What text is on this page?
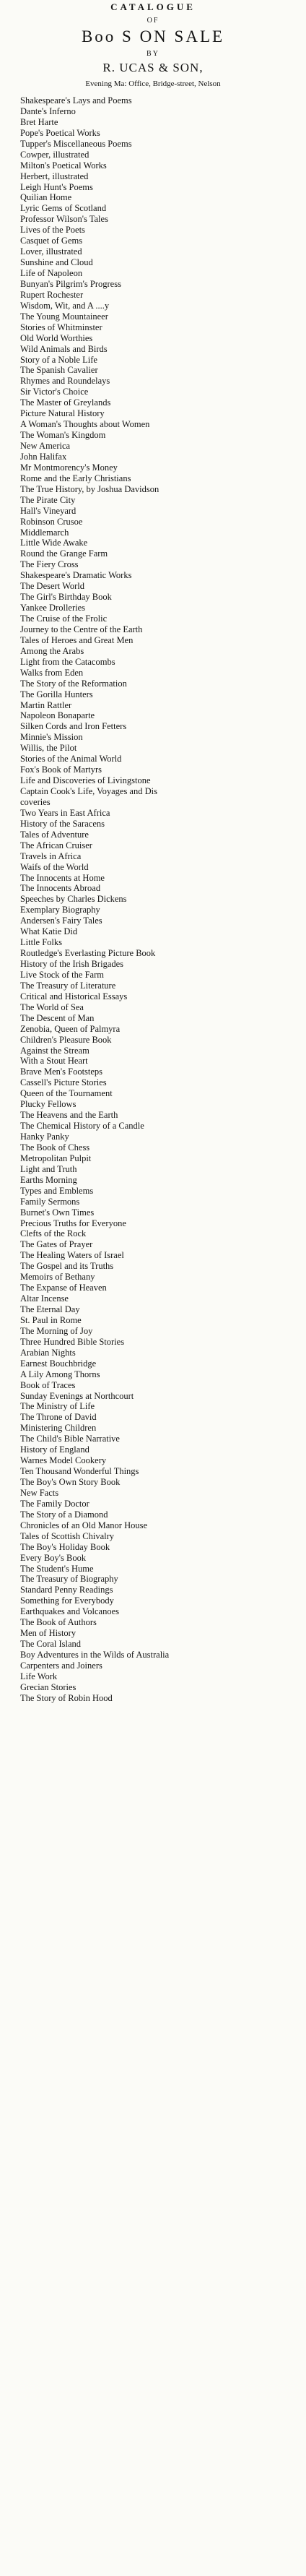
CATALOGUE
OF
Boo S ON SALE
BY
R. UCAS & SON,
Evening Ma: Office, Bridge-street, Nelson
Shakespeare's Lays and Poems
Dante's Inferno
Bret Harte
Pope's Poetical Works
Tupper's Miscellaneous Poems
Cowper, illustrated
Milton's Poetical Works
Herbert, illustrated
Leigh Hunt's Poems
Quilian Home
Lyric Gems of Scotland
Professor Wilson's Tales
Lives of the Poets
Casquet of Gems
Lover, illustrated
Sunshine and Cloud
Life of Napoleon
Bunyan's Pilgrim's Progress
Rupert Rochester
Wisdom, Wit, and A ....y
The Young Mountaineer
Stories of Whitminster
Old World Worthies
Wild Animals and Birds
Story of a Noble Life
The Spanish Cavalier
Rhymes and Roundelays
Sir Victor's Choice
The Master of Greylands
Picture Natural History
A Woman's Thoughts about Women
The Woman's Kingdom
New America
John Halifax
Mr Montmorency's Money
Rome and the Early Christians
The True History, by Joshua Davidson
The Pirate City
Hall's Vineyard
Robinson Crusoe
Middlemarch
Little Wide Awake
Round the Grange Farm
The Fiery Cross
Shakespeare's Dramatic Works
The Desert World
The Girl's Birthday Book
Yankee Drolleries
The Cruise of the Frolic
Journey to the Centre of the Earth
Tales of Heroes and Great Men
Among the Arabs
Light from the Catacombs
Walks from Eden
The Story of the Reformation
The Gorilla Hunters
Martin Rattler
Napoleon Bonaparte
Silken Cords and Iron Fetters
Minnie's Mission
Willis, the Pilot
Stories of the Animal World
Fox's Book of Martyrs
Life and Discoveries of Livingstone
Captain Cook's Life, Voyages and Dis
coveries
Two Years in East Africa
History of the Saracens
Tales of Adventure
The African Cruiser
Travels in Africa
Waifs of the World
The Innocents at Home
The Innocents Abroad
Speeches by Charles Dickens
Exemplary Biography
Andersen's Fairy Tales
What Katie Did
Little Folks
Routledge's Everlasting Picture Book
History of the Irish Brigades
Live Stock of the Farm
The Treasury of Literature
Critical and Historical Essays
The World of Sea
The Descent of Man
Zenobia, Queen of Palmyra
Children's Pleasure Book
Against the Stream
With a Stout Heart
Brave Men's Footsteps
Cassell's Picture Stories
Queen of the Tournament
Plucky Fellows
The Heavens and the Earth
The Chemical History of a Candle
Hanky Panky
The Book of Chess
Metropolitan Pulpit
Light and Truth
Earths Morning
Types and Emblems
Family Sermons
Burnet's Own Times
Precious Truths for Everyone
Clefts of the Rock
The Gates of Prayer
The Healing Waters of Israel
The Gospel and its Truths
Memoirs of Bethany
The Expanse of Heaven
Altar Incense
The Eternal Day
St. Paul in Rome
The Morning of Joy
Three Hundred Bible Stories
Arabian Nights
Earnest Bouchbridge
A Lily Among Thorns
Book of Traces
Sunday Evenings at Northcourt
The Ministry of Life
The Throne of David
Ministering Children
The Child's Bible Narrative
History of England
Warnes Model Cookery
Ten Thousand Wonderful Things
The Boy's Own Story Book
New Facts
The Family Doctor
The Story of a Diamond
Chronicles of an Old Manor House
Tales of Scottish Chivalry
The Boy's Holiday Book
Every Boy's Book
The Student's Hume
The Treasury of Biography
Standard Penny Readings
Something for Everybody
Earthquakes and Volcanoes
The Book of Authors
Men of History
The Coral Island
Boy Adventures in the Wilds of Australia
Carpenters and Joiners
Life Work
Grecian Stories
The Story of Robin Hood
